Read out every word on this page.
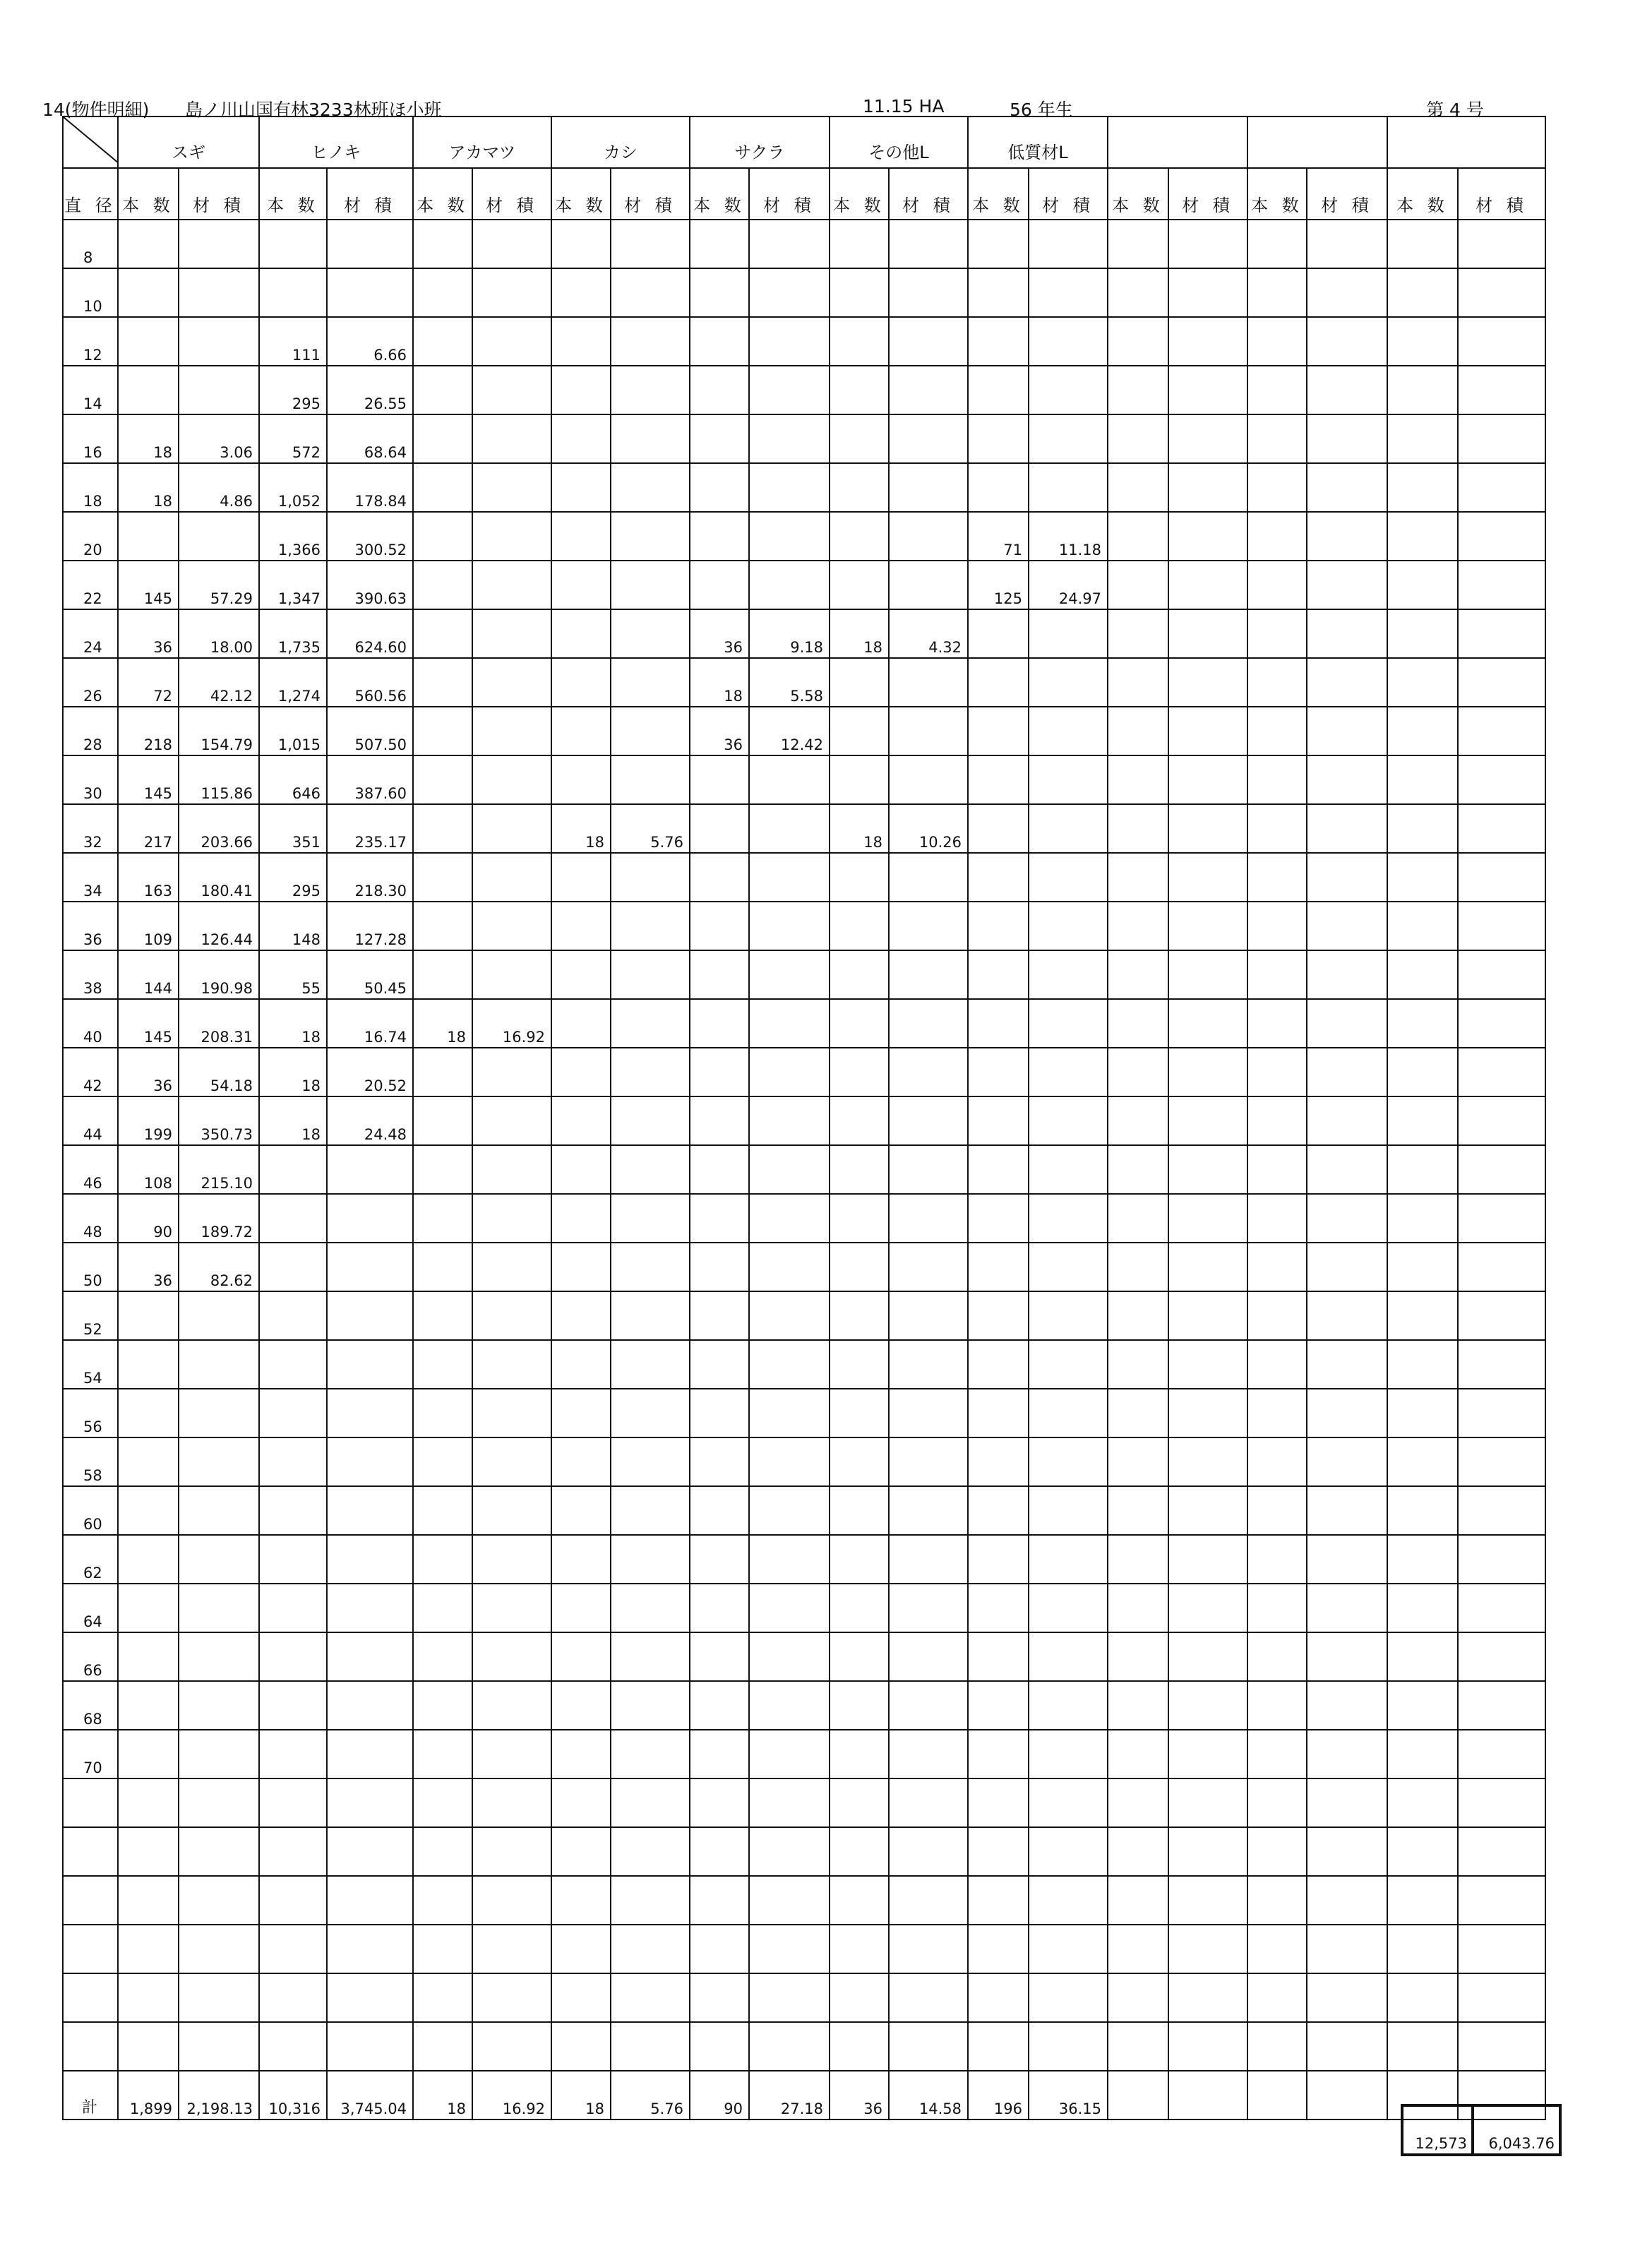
14(物件明細) 島ノ川山国有林3233林班ほ小班	11.15 HA	56 年生	第 4 号
	スギ		ヒノキ		アカマツ		カシ		サクラ		その他L		低質材L							
直 径	本 数	材 積	本 数	材 積	本 数	材 積	本 数	材 積	本 数	材 積	本 数	材 積	本 数	材 積	本 数	材 積	本 数	材 積	本 数	材 積
8																				
10																				
12			111	6.66																
14			295	26.55																
16	18	3.06	572	68.64																
18	18	4.86	1,052	178.84																
20			1,366	300.52									71	11.18						
22	145	57.29	1,347	390.63									125	24.97						
24	36	18.00	1,735	624.60					36	9.18	18	4.32								
26	72	42.12	1,274	560.56					18	5.58										
28	218	154.79	1,015	507.50					36	12.42										
30	145	115.86	646	387.60																
32	217	203.66	351	235.17			18	5.76			18	10.26								
34	163	180.41	295	218.30																
36	109	126.44	148	127.28																
38	144	190.98	55	50.45																
40	145	208.31	18	16.74	18	16.92														
42	36	54.18	18	20.52																
44	199	350.73	18	24.48																
46	108	215.10																		
48	90	189.72																		
50	36	82.62																		
52																				
54																				
56																				
58																				
60																				
62																				
64																				
66																				
68																				
70																				

計	1,899	2,198.13	10,316	3,745.04	18	16.92	18	5.76	90	27.18	36	14.58	196	36.15						
12,573	6,043.76
